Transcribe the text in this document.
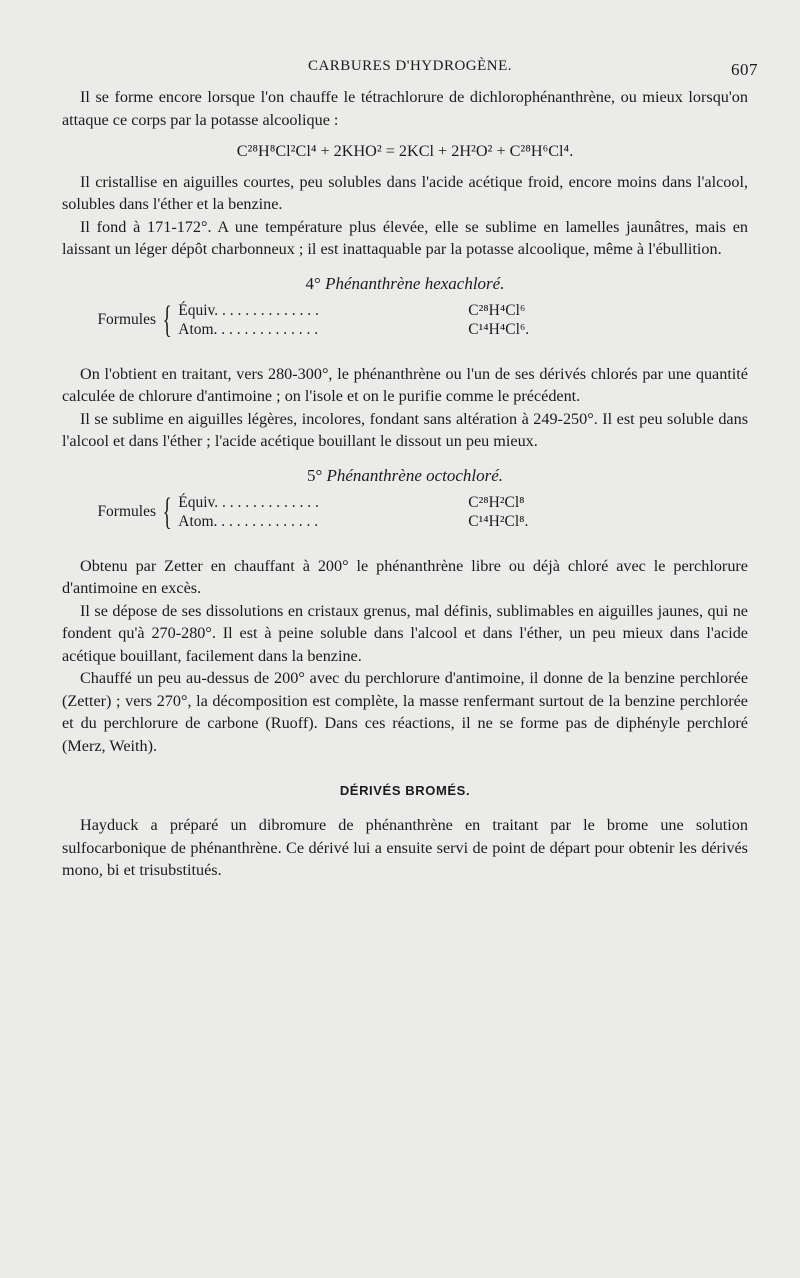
CARBURES D'HYDROGÈNE.	607

Il se forme encore lorsque l'on chauffe le tétrachlorure de dichlorophénanthrène, ou mieux lorsqu'on attaque ce corps par la potasse alcoolique :

C²⁸H⁸Cl²Cl⁴ + 2KHO² = 2KCl + 2H²O² + C²⁸H⁶Cl⁴.

Il cristallise en aiguilles courtes, peu solubles dans l'acide acétique froid, encore moins dans l'alcool, solubles dans l'éther et la benzine.

Il fond à 171-172°. A une température plus élevée, elle se sublime en lamelles jaunâtres, mais en laissant un léger dépôt charbonneux ; il est inattaquable par la potasse alcoolique, même à l'ébullition.

4° Phénanthrène hexachloré.
Formules { Équiv. . . . . . . . . . . . . .	C²⁸H⁴Cl⁶
Atom. . . . . . . . . . . . . .	C¹⁴H⁴Cl⁶.

On l'obtient en traitant, vers 280-300°, le phénanthrène ou l'un de ses dérivés chlorés par une quantité calculée de chlorure d'antimoine ; on l'isole et on le purifie comme le précédent.

Il se sublime en aiguilles légères, incolores, fondant sans altération à 249-250°. Il est peu soluble dans l'alcool et dans l'éther ; l'acide acétique bouillant le dissout un peu mieux.

5° Phénanthrène octochloré.
Formules { Équiv. . . . . . . . . . . . . .	C²⁸H²Cl⁸
Atom. . . . . . . . . . . . . .	C¹⁴H²Cl⁸.

Obtenu par Zetter en chauffant à 200° le phénanthrène libre ou déjà chloré avec le perchlorure d'antimoine en excès.

Il se dépose de ses dissolutions en cristaux grenus, mal définis, sublimables en aiguilles jaunes, qui ne fondent qu'à 270-280°. Il est à peine soluble dans l'alcool et dans l'éther, un peu mieux dans l'acide acétique bouillant, facilement dans la benzine.

Chauffé un peu au-dessus de 200° avec du perchlorure d'antimoine, il donne de la benzine perchlorée (Zetter) ; vers 270°, la décomposition est complète, la masse renfermant surtout de la benzine perchlorée et du perchlorure de carbone (Ruoff). Dans ces réactions, il ne se forme pas de diphényle perchloré (Merz, Weith).

DÉRIVÉS BROMÉS.

Hayduck a préparé un dibromure de phénanthrène en traitant par le brome une solution sulfocarbonique de phénanthrène. Ce dérivé lui a ensuite servi de point de départ pour obtenir les dérivés mono, bi et trisubstitués.
